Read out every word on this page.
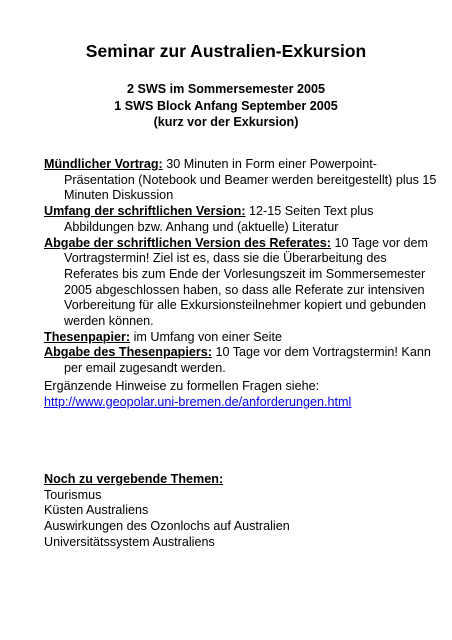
Seminar zur Australien-Exkursion
2 SWS im Sommersemester 2005
1 SWS Block Anfang September 2005
(kurz vor der Exkursion)

Mündlicher Vortrag: 30 Minuten in Form einer Powerpoint-Präsentation (Notebook und Beamer werden bereitgestellt) plus 15 Minuten Diskussion

Umfang der schriftlichen Version: 12-15 Seiten Text plus Abbildungen bzw. Anhang und (aktuelle) Literatur

Abgabe der schriftlichen Version des Referates: 10 Tage vor dem Vortragstermin! Ziel ist es, dass sie die Überarbeitung des Referates bis zum Ende der Vorlesungszeit im Sommersemester 2005 abgeschlossen haben, so dass alle Referate zur intensiven Vorbereitung für alle Exkursionsteilnehmer kopiert und gebunden werden können.

Thesenpapier: im Umfang von einer Seite

Abgabe des Thesenpapiers: 10 Tage vor dem Vortragstermin! Kann per email zugesandt werden.

Ergänzende Hinweise zu formellen Fragen siehe:
http://www.geopolar.uni-bremen.de/anforderungen.html
Noch zu vergebende Themen:
Tourismus
Küsten Australiens
Auswirkungen des Ozonlochs auf Australien
Universitätssystem Australiens
